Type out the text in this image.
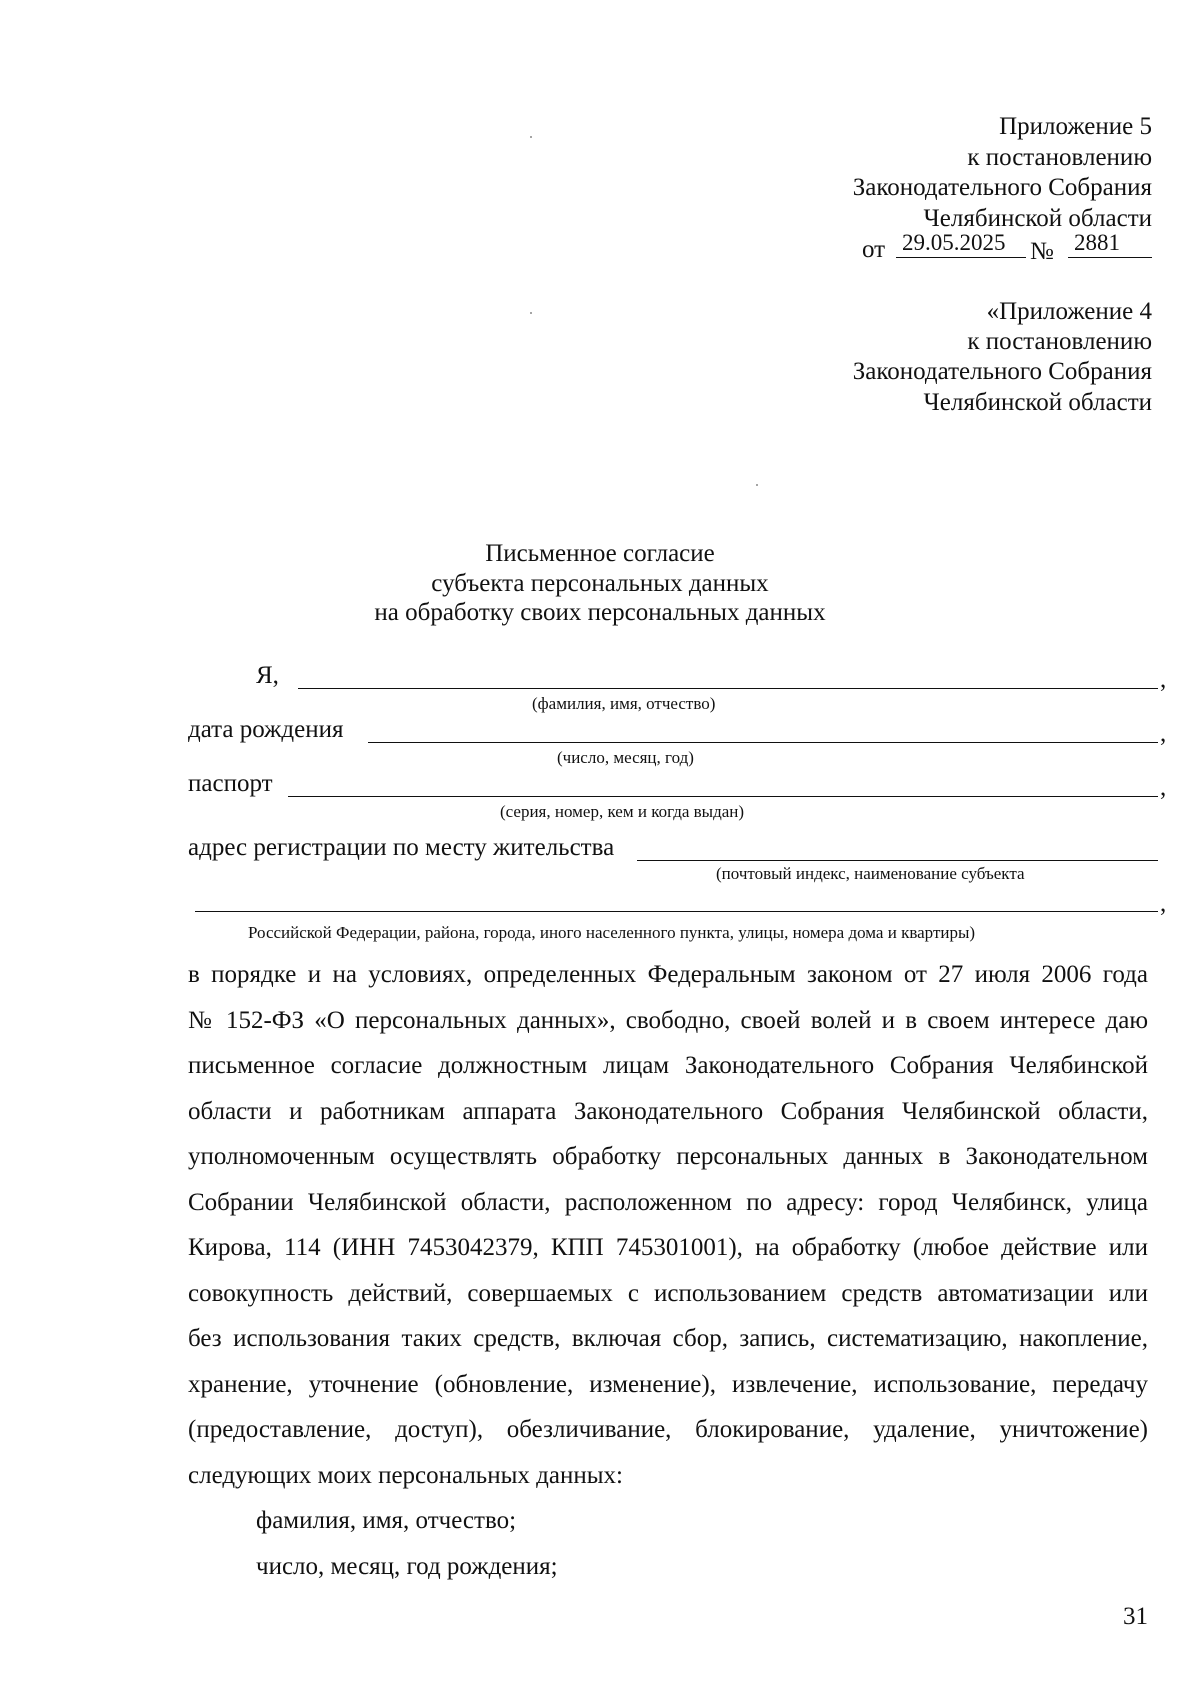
Приложение 5
к постановлению
Законодательного Собрания
Челябинской области
от 29.05.2025 № 2881
«Приложение 4
к постановлению
Законодательного Собрания
Челябинской области
Письменное согласие
субъекта персональных данных
на обработку своих персональных данных
Я,	,
(фамилия, имя, отчество)
дата рождения	,
(число, месяц, год)
паспорт	,
(серия, номер, кем и когда выдан)
адрес регистрации по месту жительства
(почтовый индекс, наименование субъекта
,
Российской Федерации, района, города, иного населенного пункта, улицы, номера дома и квартиры)
в порядке и на условиях, определенных Федеральным законом от 27 июля 2006 года
№ 152-ФЗ «О персональных данных», свободно, своей волей и в своем интересе даю
письменное согласие должностным лицам Законодательного Собрания Челябинской
области и работникам аппарата Законодательного Собрания Челябинской области,
уполномоченным осуществлять обработку персональных данных в Законодательном
Собрании Челябинской области, расположенном по адресу: город Челябинск, улица
Кирова, 114 (ИНН 7453042379, КПП 745301001), на обработку (любое действие или
совокупность действий, совершаемых с использованием средств автоматизации или
без использования таких средств, включая сбор, запись, систематизацию, накопление,
хранение, уточнение (обновление, изменение), извлечение, использование, передачу
(предоставление, доступ), обезличивание, блокирование, удаление, уничтожение)
следующих моих персональных данных:
фамилия, имя, отчество;
число, месяц, год рождения;
31
